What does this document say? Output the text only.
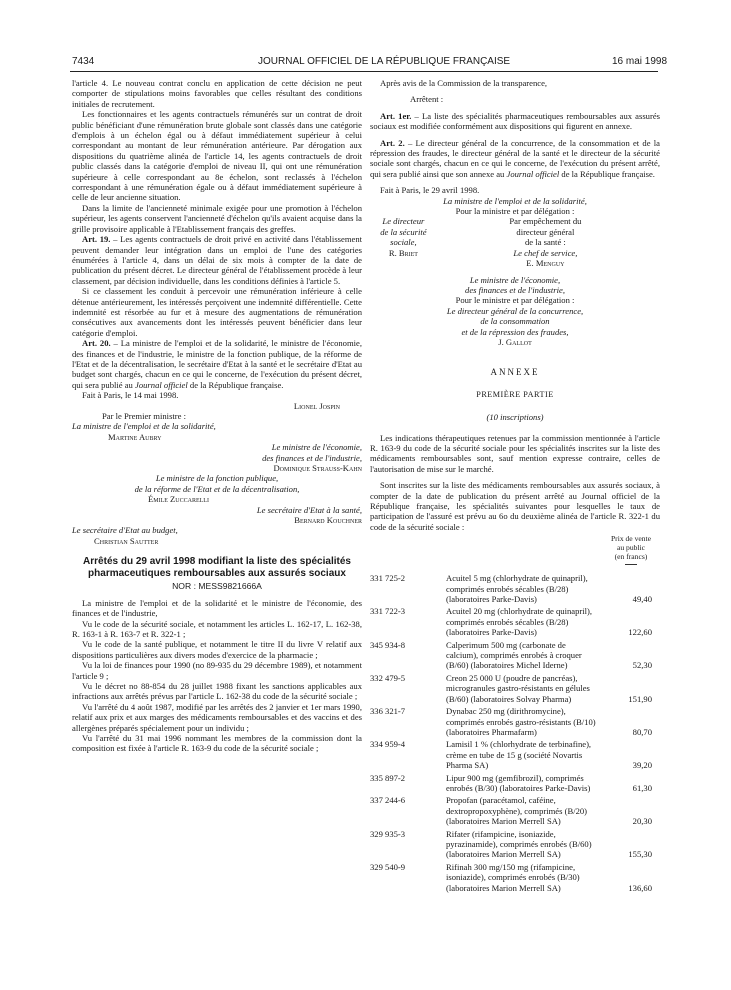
7434	JOURNAL OFFICIEL DE LA RÉPUBLIQUE FRANÇAISE	16 mai 1998

l'article 4. Le nouveau contrat conclu en application de cette décision ne peut comporter de stipulations moins favorables que celles résultant des conditions initiales de recrutement.

Les fonctionnaires et les agents contractuels rémunérés sur un contrat de droit public bénéficiant d'une rémunération brute globale sont classés dans une catégorie d'emplois à un échelon égal ou à défaut immédiatement supérieur à celui correspondant au montant de leur rémunération antérieure. Par dérogation aux dispositions du quatrième alinéa de l'article 14, les agents contractuels de droit public classés dans la catégorie d'emploi de niveau II, qui ont une rémunération supérieure à celle correspondant au 8e échelon, sont reclassés à l'échelon correspondant à une rémunération égale ou à défaut immédiatement supérieure à celle de leur ancienne situation.

Dans la limite de l'ancienneté minimale exigée pour une promotion à l'échelon supérieur, les agents conservent l'ancienneté d'échelon qu'ils avaient acquise dans la grille provisoire applicable à l'Etablissement français des greffes.

Art. 19. – Les agents contractuels de droit privé en activité dans l'établissement peuvent demander leur intégration dans un emploi de l'une des catégories énumérées à l'article 4, dans un délai de six mois à compter de la date de publication du présent décret. Le directeur général de l'établissement procède à leur classement, par décision individuelle, dans les conditions définies à l'article 5.

Si ce classement les conduit à percevoir une rémunération inférieure à celle détenue antérieurement, les intéressés perçoivent une indemnité différentielle. Cette indemnité est résorbée au fur et à mesure des augmentations de rémunération consécutives aux avancements dont les intéressés peuvent bénéficier dans leur catégorie d'emploi.

Art. 20. – La ministre de l'emploi et de la solidarité, le ministre de l'économie, des finances et de l'industrie, le ministre de la fonction publique, de la réforme de l'Etat et de la décentralisation, le secrétaire d'Etat à la santé et le secrétaire d'Etat au budget sont chargés, chacun en ce qui le concerne, de l'exécution du présent décret, qui sera publié au Journal officiel de la République française.

Fait à Paris, le 14 mai 1998.

Lionel Jospin

Par le Premier ministre :

La ministre de l'emploi et de la solidarité,

Martine Aubry

Le ministre de l'économie,

des finances et de l'industrie,

Dominique Strauss-Kahn

Le ministre de la fonction publique,

de la réforme de l'Etat et de la décentralisation,

Émile Zuccarelli

Le secrétaire d'Etat à la santé,

Bernard Kouchner

Le secrétaire d'Etat au budget,

Christian Sautter

Arrêtés du 29 avril 1998 modifiant la liste des spécialités pharmaceutiques remboursables aux assurés sociaux
NOR : MESS9821666A

La ministre de l'emploi et de la solidarité et le ministre de l'économie, des finances et de l'industrie,

Vu le code de la sécurité sociale, et notamment les articles L. 162-17, L. 162-38, R. 163-1 à R. 163-7 et R. 322-1 ;

Vu le code de la santé publique, et notamment le titre II du livre V relatif aux dispositions particulières aux divers modes d'exercice de la pharmacie ;

Vu la loi de finances pour 1990 (no 89-935 du 29 décembre 1989), et notamment l'article 9 ;

Vu le décret no 88-854 du 28 juillet 1988 fixant les sanctions applicables aux infractions aux arrêtés prévus par l'article L. 162-38 du code de la sécurité sociale ;

Vu l'arrêté du 4 août 1987, modifié par les arrêtés des 2 janvier et 1er mars 1990, relatif aux prix et aux marges des médicaments remboursables et des vaccins et des allergènes préparés spécialement pour un individu ;

Vu l'arrêté du 31 mai 1996 nommant les membres de la commission dont la composition est fixée à l'article R. 163-9 du code de la sécurité sociale ;

Après avis de la Commission de la transparence,

Arrêtent :

Art. 1er. – La liste des spécialités pharmaceutiques remboursables aux assurés sociaux est modifiée conformément aux dispositions qui figurent en annexe.

Art. 2. – Le directeur général de la concurrence, de la consommation et de la répression des fraudes, le directeur général de la santé et le directeur de la sécurité sociale sont chargés, chacun en ce qui le concerne, de l'exécution du présent arrêté, qui sera publié ainsi que son annexe au Journal officiel de la République française.

Fait à Paris, le 29 avril 1998.

La ministre de l'emploi et de la solidarité,

Pour la ministre et par délégation :

Le directeur
de la sécurité sociale,
R. Briet
Par empêchement du directeur général
de la santé :
Le chef de service,
E. Menguy

Le ministre de l'économie,

des finances et de l'industrie,

Pour le ministre et par délégation :

Le directeur général de la concurrence,

de la consommation

et de la répression des fraudes,

J. Gallot

ANNEXE
PREMIÈRE PARTIE
(10 inscriptions)

Les indications thérapeutiques retenues par la commission mentionnée à l'article R. 163-9 du code de la sécurité sociale pour les spécialités inscrites sur la liste des médicaments remboursables sont, sauf mention expresse contraire, celles de l'autorisation de mise sur le marché.

Sont inscrites sur la liste des médicaments remboursables aux assurés sociaux, à compter de la date de publication du présent arrêté au Journal officiel de la République française, les spécialités suivantes pour lesquelles le taux de participation de l'assuré est prévu au 6o du deuxième alinéa de l'article R. 322-1 du code de la sécurité sociale :

Prix de vente
au public
(en francs)
331 725-2	Acuitel 5 mg (chlorhydrate de quinapril), comprimés enrobés sécables (B/28) (laboratoires Parke-Davis)	49,40
331 722-3	Acuitel 20 mg (chlorhydrate de quinapril), comprimés enrobés sécables (B/28) (laboratoires Parke-Davis)	122,60
345 934-8	Calperimum 500 mg (carbonate de calcium), comprimés enrobés à croquer (B/60) (laboratoires Michel Iderne)	52,30
332 479-5	Creon 25 000 U (poudre de pancréas), microgranules gastro-résistants en gélules (B/60) (laboratoires Solvay Pharma)	151,90
336 321-7	Dynabac 250 mg (dirithromycine), comprimés enrobés gastro-résistants (B/10) (laboratoires Pharmafarm)	80,70
334 959-4	Lamisil 1 % (chlorhydrate de terbinafine), crème en tube de 15 g (société Novartis Pharma SA)	39,20
335 897-2	Lipur 900 mg (gemfibrozil), comprimés enrobés (B/30) (laboratoires Parke-Davis)	61,30
337 244-6	Propofan (paracétamol, caféine, dextropropoxyphène), comprimés (B/20) (laboratoires Marion Merrell SA)	20,30
329 935-3	Rifater (rifampicine, isoniazide, pyrazinamide), comprimés enrobés (B/60) (laboratoires Marion Merrell SA)	155,30
329 540-9	Rifinah 300 mg/150 mg (rifampicine, isoniazide), comprimés enrobés (B/30) (laboratoires Marion Merrell SA)	136,60
